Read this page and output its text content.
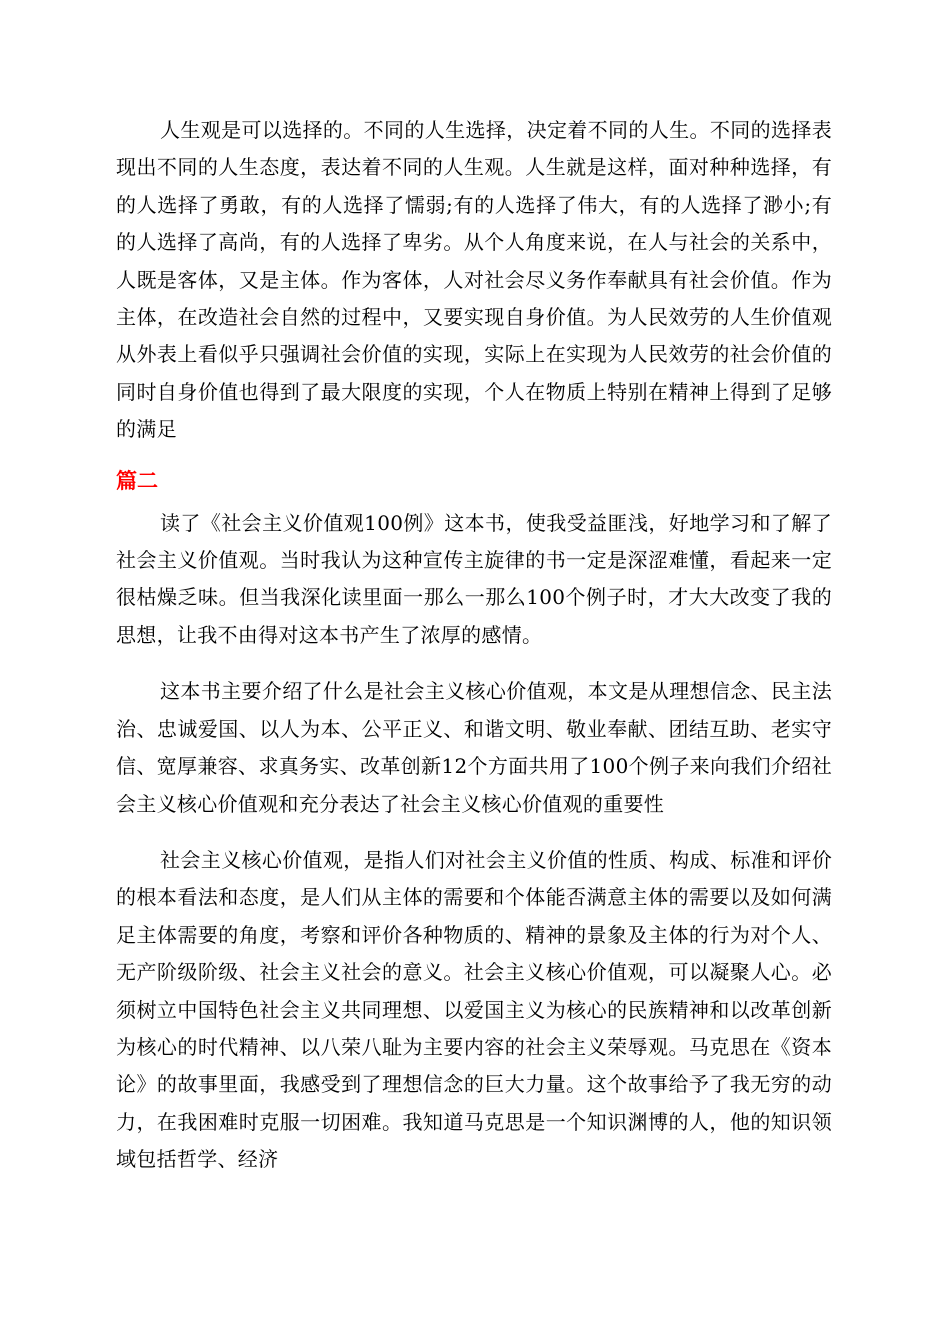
人生观是可以选择的。不同的人生选择，决定着不同的人生。不同的选择表现出不同的人生态度，表达着不同的人生观。人生就是这样，面对种种选择，有的人选择了勇敢，有的人选择了懦弱;有的人选择了伟大，有的人选择了渺小;有的人选择了高尚，有的人选择了卑劣。从个人角度来说，在人与社会的关系中，人既是客体，又是主体。作为客体，人对社会尽义务作奉献具有社会价值。作为主体，在改造社会自然的过程中，又要实现自身价值。为人民效劳的人生价值观从外表上看似乎只强调社会价值的实现，实际上在实现为人民效劳的社会价值的同时自身价值也得到了最大限度的实现，个人在物质上特别在精神上得到了足够的满足

篇二

读了《社会主义价值观100例》这本书，使我受益匪浅，好地学习和了解了社会主义价值观。当时我认为这种宣传主旋律的书一定是深涩难懂，看起来一定很枯燥乏味。但当我深化读里面一那么一那么100个例子时，才大大改变了我的思想，让我不由得对这本书产生了浓厚的感情。

这本书主要介绍了什么是社会主义核心价值观，本文是从理想信念、民主法治、忠诚爱国、以人为本、公平正义、和谐文明、敬业奉献、团结互助、老实守信、宽厚兼容、求真务实、改革创新12个方面共用了100个例子来向我们介绍社会主义核心价值观和充分表达了社会主义核心价值观的重要性

社会主义核心价值观，是指人们对社会主义价值的性质、构成、标准和评价的根本看法和态度，是人们从主体的需要和个体能否满意主体的需要以及如何满足主体需要的角度，考察和评价各种物质的、精神的景象及主体的行为对个人、无产阶级阶级、社会主义社会的意义。社会主义核心价值观，可以凝聚人心。必须树立中国特色社会主义共同理想、以爱国主义为核心的民族精神和以改革创新为核心的时代精神、以八荣八耻为主要内容的社会主义荣辱观。马克思在《资本论》的故事里面，我感受到了理想信念的巨大力量。这个故事给予了我无穷的动力，在我困难时克服一切困难。我知道马克思是一个知识渊博的人，他的知识领域包括哲学、经济
